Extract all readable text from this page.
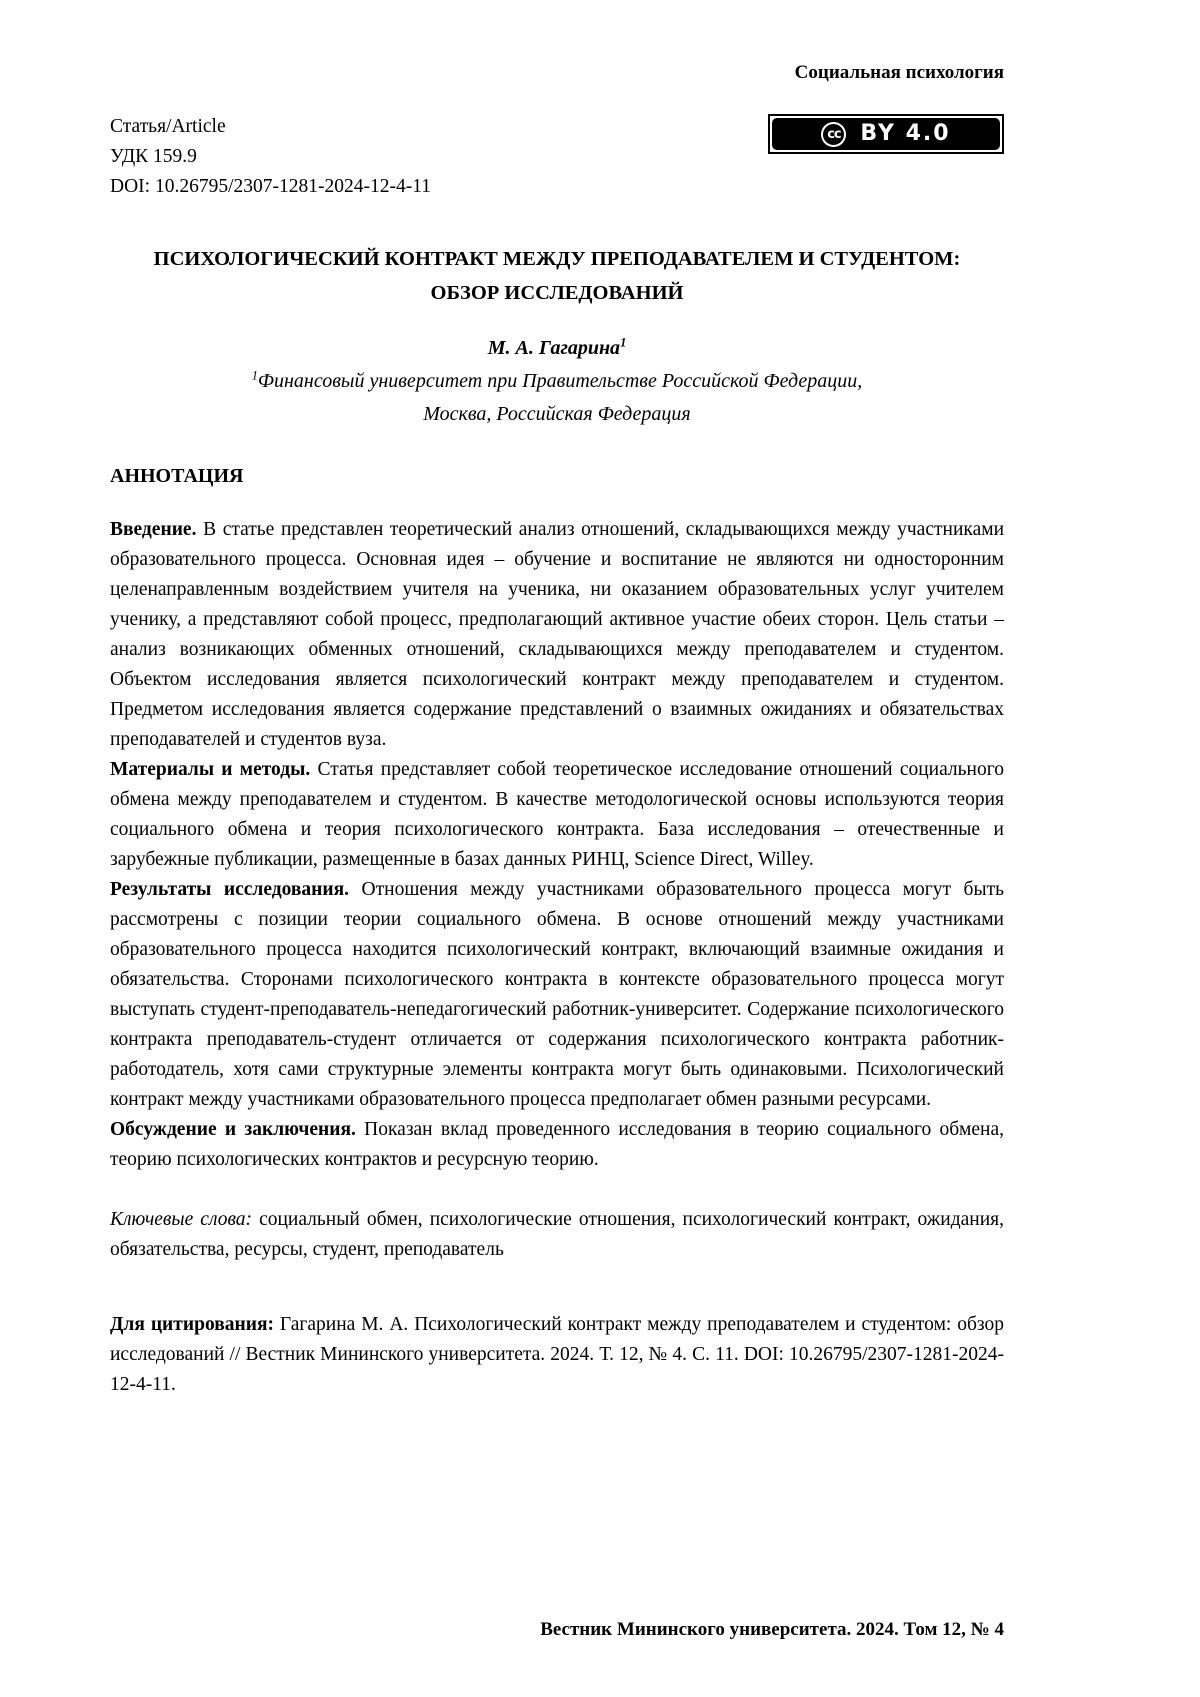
Социальная психология
Статья/Article
УДК 159.9
DOI: 10.26795/2307-1281-2024-12-4-11
cc BY 4.0
ПСИХОЛОГИЧЕСКИЙ КОНТРАКТ МЕЖДУ ПРЕПОДАВАТЕЛЕМ И СТУДЕНТОМ:
ОБЗОР ИССЛЕДОВАНИЙ
М. А. Гагарина$^1$
$^1$Финансовый университет при Правительстве Российской Федерации,
Москва, Российская Федерация
АННОТАЦИЯ

Введение. В статье представлен теоретический анализ отношений, складывающихся между участниками образовательного процесса. Основная идея – обучение и воспитание не являются ни односторонним целенаправленным воздействием учителя на ученика, ни оказанием образовательных услуг учителем ученику, а представляют собой процесс, предполагающий активное участие обеих сторон. Цель статьи – анализ возникающих обменных отношений, складывающихся между преподавателем и студентом. Объектом исследования является психологический контракт между преподавателем и студентом. Предметом исследования является содержание представлений о взаимных ожиданиях и обязательствах преподавателей и студентов вуза.

Материалы и методы. Статья представляет собой теоретическое исследование отношений социального обмена между преподавателем и студентом. В качестве методологической основы используются теория социального обмена и теория психологического контракта. База исследования – отечественные и зарубежные публикации, размещенные в базах данных РИНЦ, Science Direct, Willey.

Результаты исследования. Отношения между участниками образовательного процесса могут быть рассмотрены с позиции теории социального обмена. В основе отношений между участниками образовательного процесса находится психологический контракт, включающий взаимные ожидания и обязательства. Сторонами психологического контракта в контексте образовательного процесса могут выступать студент-преподаватель-непедагогический работник-университет. Содержание психологического контракта преподаватель-студент отличается от содержания психологического контракта работник-работодатель, хотя сами структурные элементы контракта могут быть одинаковыми. Психологический контракт между участниками образовательного процесса предполагает обмен разными ресурсами.

Обсуждение и заключения. Показан вклад проведенного исследования в теорию социального обмена, теорию психологических контрактов и ресурсную теорию.

Ключевые слова: социальный обмен, психологические отношения, психологический контракт, ожидания, обязательства, ресурсы, студент, преподаватель

Для цитирования: Гагарина М. А. Психологический контракт между преподавателем и студентом: обзор исследований // Вестник Мининского университета. 2024. Т. 12, № 4. С. 11. DOI: 10.26795/2307-1281-2024-12-4-11.

Вестник Мининского университета. 2024. Том 12, № 4
